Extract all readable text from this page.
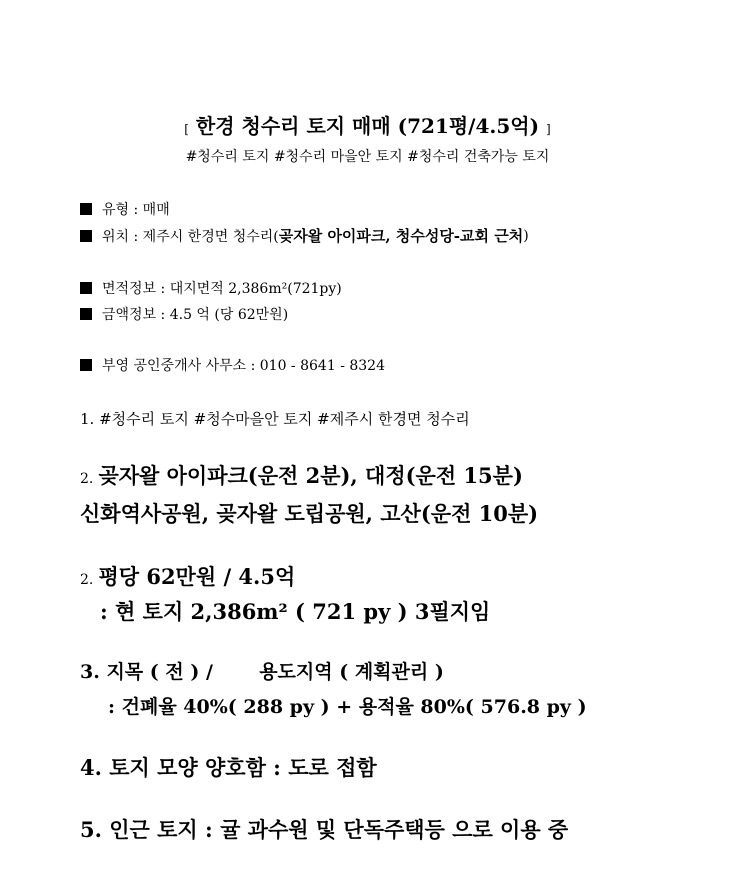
[ 한경 청수리 토지 매매 (721평/4.5억) ]
#청수리 토지 #청수리 마을안 토지 #청수리 건축가능 토지
유형 : 매매
위치 : 제주시 한경면 청수리( 곶자왈 아이파크, 청수성당-교회 근처 )
면적정보 : 대지면적 2,386m²(721py)
금액정보 : 4.5 억 (당 62만원)
부영 공인중개사 사무소 : 010 - 8641 - 8324
1. #청수리 토지 #청수마을안 토지 #제주시 한경면 청수리
2. 곶자왈 아이파크(운전 2분), 대정(운전 15분)
신화역사공원, 곶자왈 도립공원, 고산(운전 10분)
2. 평당 62만원 / 4.5억
: 현 토지 2,386m² ( 721 py ) 3필지임
3. 지목 ( 전 ) /       용도지역 ( 계획관리 )
: 건폐율 40%( 288 py ) + 용적율 80%( 576.8 py )
4. 토지 모양 양호함 : 도로 접함
5. 인근 토지 : 귤 과수원 및 단독주택등 으로 이용 중
